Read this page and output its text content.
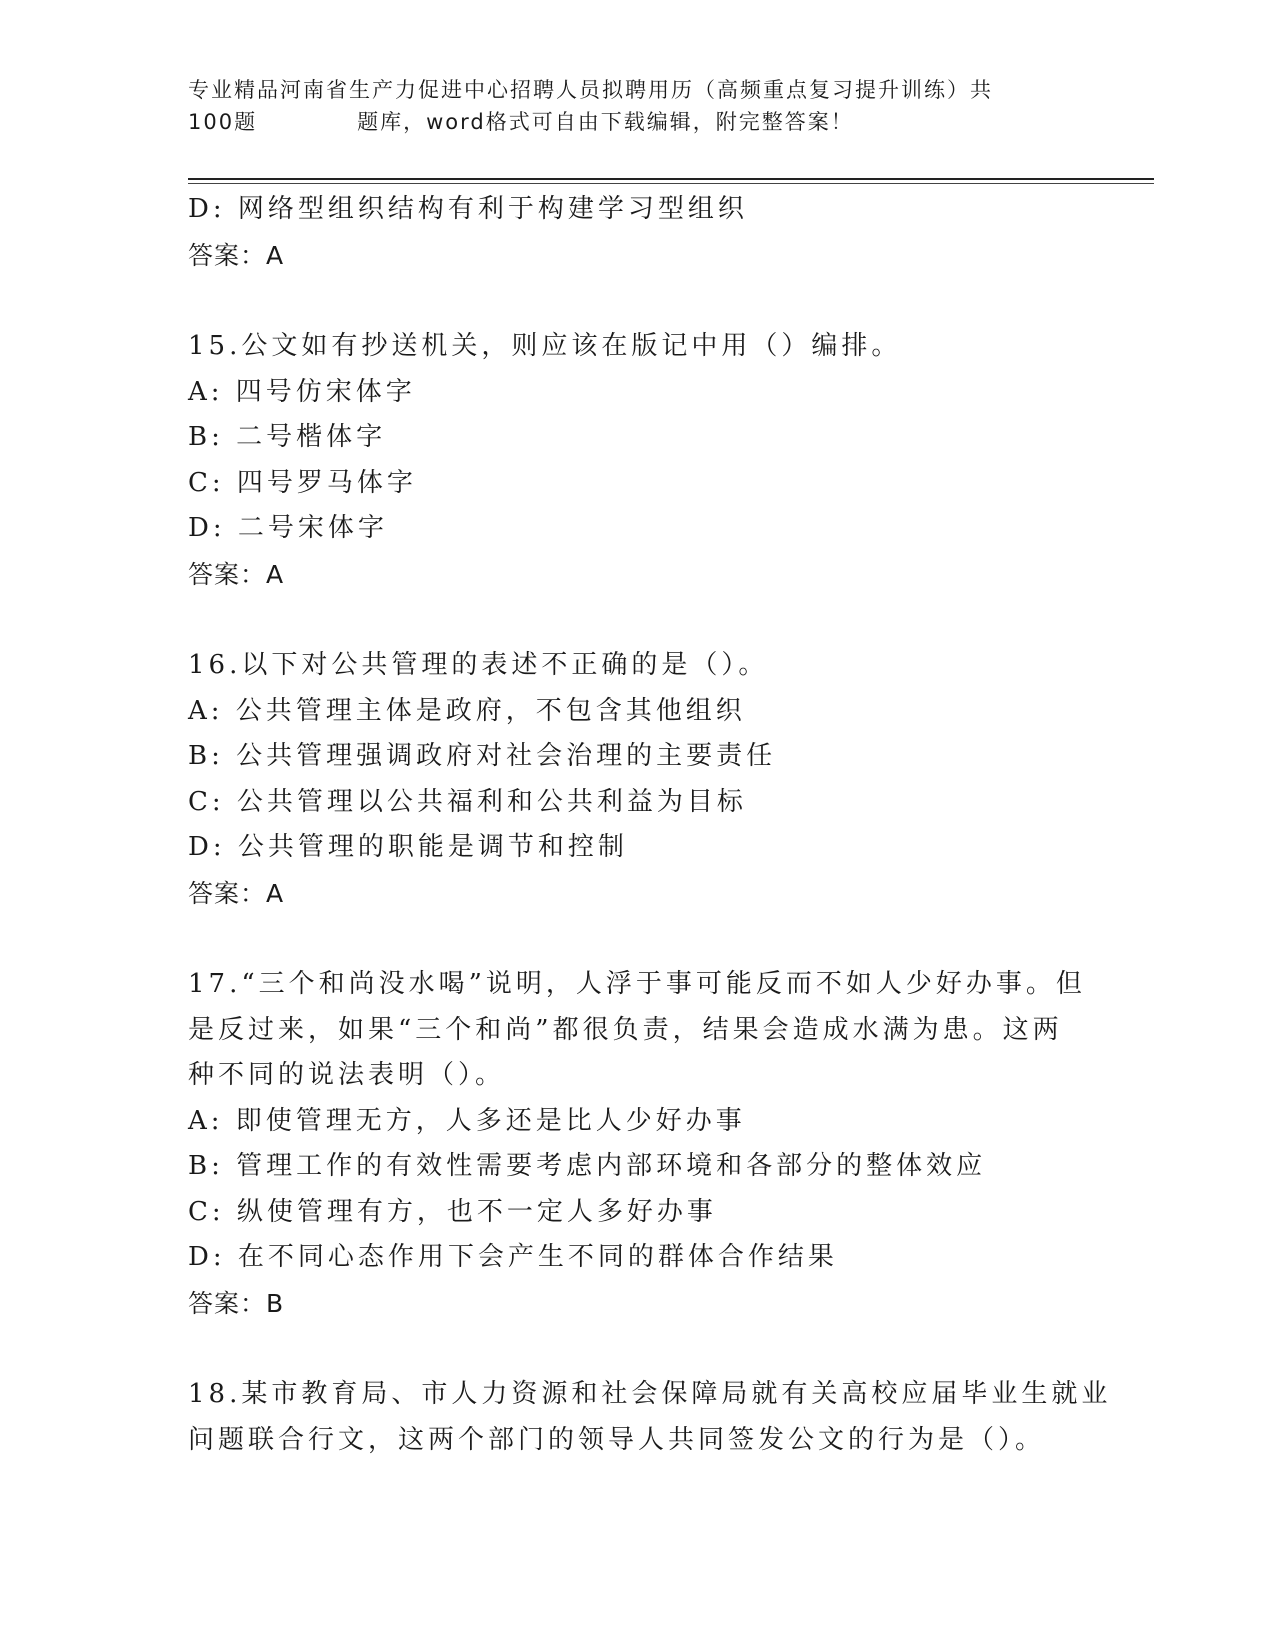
专业精品河南省生产力促进中心招聘人员拟聘用历（高频重点复习提升训练）共
100题	题库，word格式可自由下载编辑，附完整答案！
D: 网络型组织结构有利于构建学习型组织
答案：A
15.公文如有抄送机关，则应该在版记中用（）编排。
A: 四号仿宋体字
B: 二号楷体字
C: 四号罗马体字
D: 二号宋体字
答案：A
16.以下对公共管理的表述不正确的是（）。
A: 公共管理主体是政府，不包含其他组织
B: 公共管理强调政府对社会治理的主要责任
C: 公共管理以公共福利和公共利益为目标
D: 公共管理的职能是调节和控制
答案：A
17.“三个和尚没水喝”说明，人浮于事可能反而不如人少好办事。但
是反过来，如果“三个和尚”都很负责，结果会造成水满为患。这两
种不同的说法表明（）。
A: 即使管理无方，人多还是比人少好办事
B: 管理工作的有效性需要考虑内部环境和各部分的整体效应
C: 纵使管理有方，也不一定人多好办事
D: 在不同心态作用下会产生不同的群体合作结果
答案：B
18.某市教育局、市人力资源和社会保障局就有关高校应届毕业生就业
问题联合行文，这两个部门的领导人共同签发公文的行为是（）。
